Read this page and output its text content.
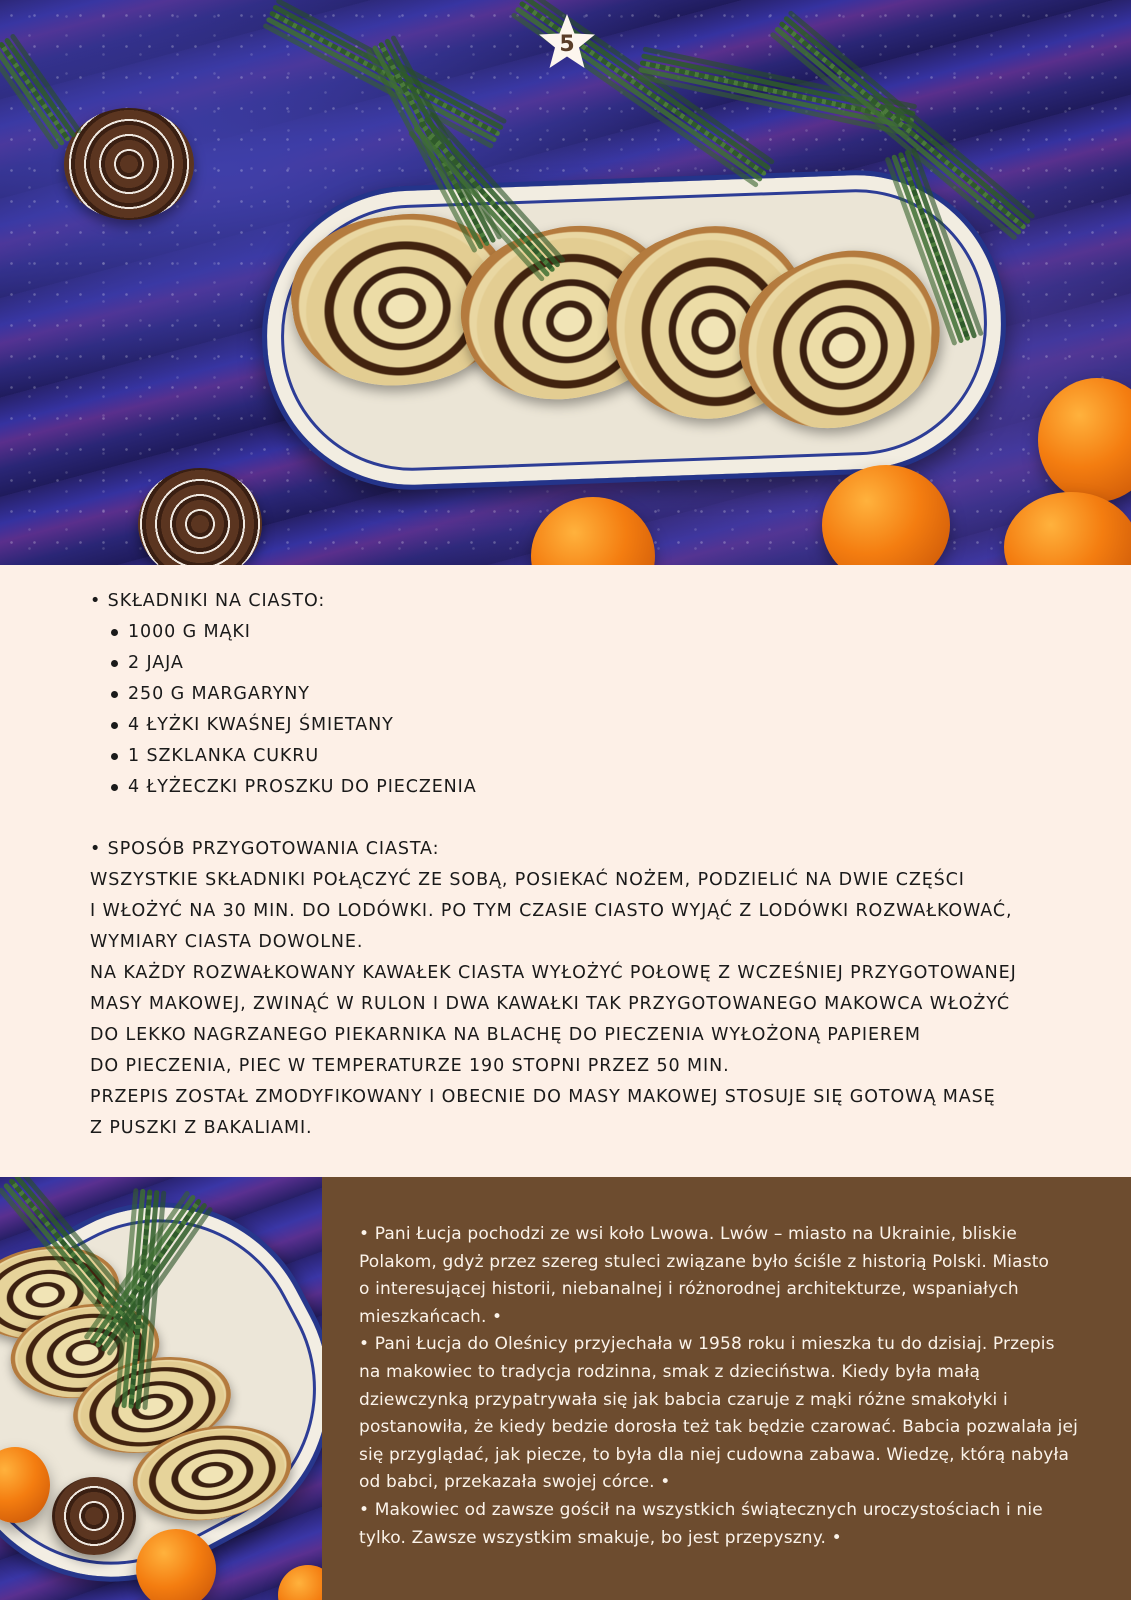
5

• SKŁADNIKI NA CIASTO:

1000 G MĄKI
2 JAJA
250 G MARGARYNY
4 ŁYŻKI KWAŚNEJ ŚMIETANY
1 SZKLANKA CUKRU
4 ŁYŻECZKI PROSZKU DO PIECZENIA

• SPOSÓB PRZYGOTOWANIA CIASTA:

WSZYSTKIE SKŁADNIKI POŁĄCZYĆ ZE SOBĄ, POSIEKAĆ NOŻEM, PODZIELIĆ NA DWIE CZĘŚCI

I WŁOŻYĆ NA 30 MIN. DO LODÓWKI. PO TYM CZASIE CIASTO WYJĄĆ Z LODÓWKI ROZWAŁKOWAĆ,

WYMIARY CIASTA DOWOLNE.

NA KAŻDY ROZWAŁKOWANY KAWAŁEK CIASTA WYŁOŻYĆ POŁOWĘ Z WCZEŚNIEJ PRZYGOTOWANEJ

MASY MAKOWEJ, ZWINĄĆ W RULON I DWA KAWAŁKI TAK PRZYGOTOWANEGO MAKOWCA WŁOŻYĆ

DO LEKKO NAGRZANEGO PIEKARNIKA NA BLACHĘ DO PIECZENIA WYŁOŻONĄ PAPIEREM

DO PIECZENIA, PIEC W TEMPERATURZE 190 STOPNI PRZEZ 50 MIN.

PRZEPIS ZOSTAŁ ZMODYFIKOWANY I OBECNIE DO MASY MAKOWEJ STOSUJE SIĘ GOTOWĄ MASĘ

Z PUSZKI Z BAKALIAMI.

• Pani Łucja pochodzi ze wsi koło Lwowa. Lwów – miasto na Ukrainie, bliskie

Polakom, gdyż przez szereg stuleci związane było ściśle z historią Polski. Miasto

o interesującej historii, niebanalnej i różnorodnej architekturze, wspaniałych

mieszkańcach. •

• Pani Łucja do Oleśnicy przyjechała w 1958 roku i mieszka tu do dzisiaj. Przepis

na makowiec to tradycja rodzinna, smak z dzieciństwa. Kiedy była małą

dziewczynką przypatrywała się jak babcia czaruje z mąki różne smakołyki i

postanowiła, że kiedy bedzie dorosła też tak będzie czarować. Babcia pozwalała jej

się przyglądać, jak piecze, to była dla niej cudowna zabawa. Wiedzę, którą nabyła

od babci, przekazała swojej córce. •

• Makowiec od zawsze gościł na wszystkich świątecznych uroczystościach i nie

tylko. Zawsze wszystkim smakuje, bo jest przepyszny. •
